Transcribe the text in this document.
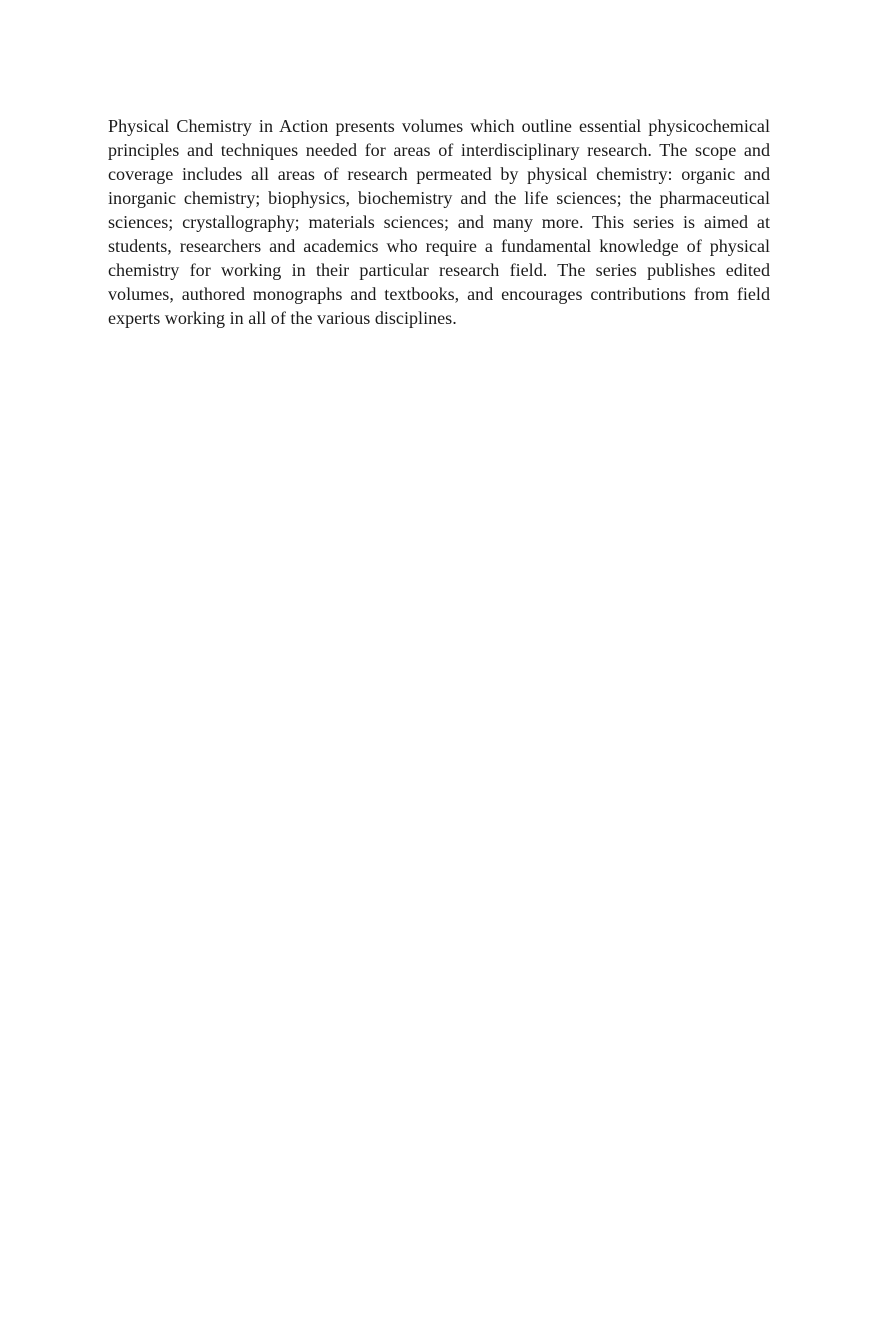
Physical Chemistry in Action presents volumes which outline essential physicochemical principles and techniques needed for areas of interdisciplinary research. The scope and coverage includes all areas of research permeated by physical chemistry: organic and inorganic chemistry; biophysics, biochemistry and the life sciences; the pharmaceutical sciences; crystallography; materials sciences; and many more. This series is aimed at students, researchers and academics who require a fundamental knowledge of physical chemistry for working in their particular research field. The series publishes edited volumes, authored monographs and textbooks, and encourages contributions from field experts working in all of the various disciplines.
